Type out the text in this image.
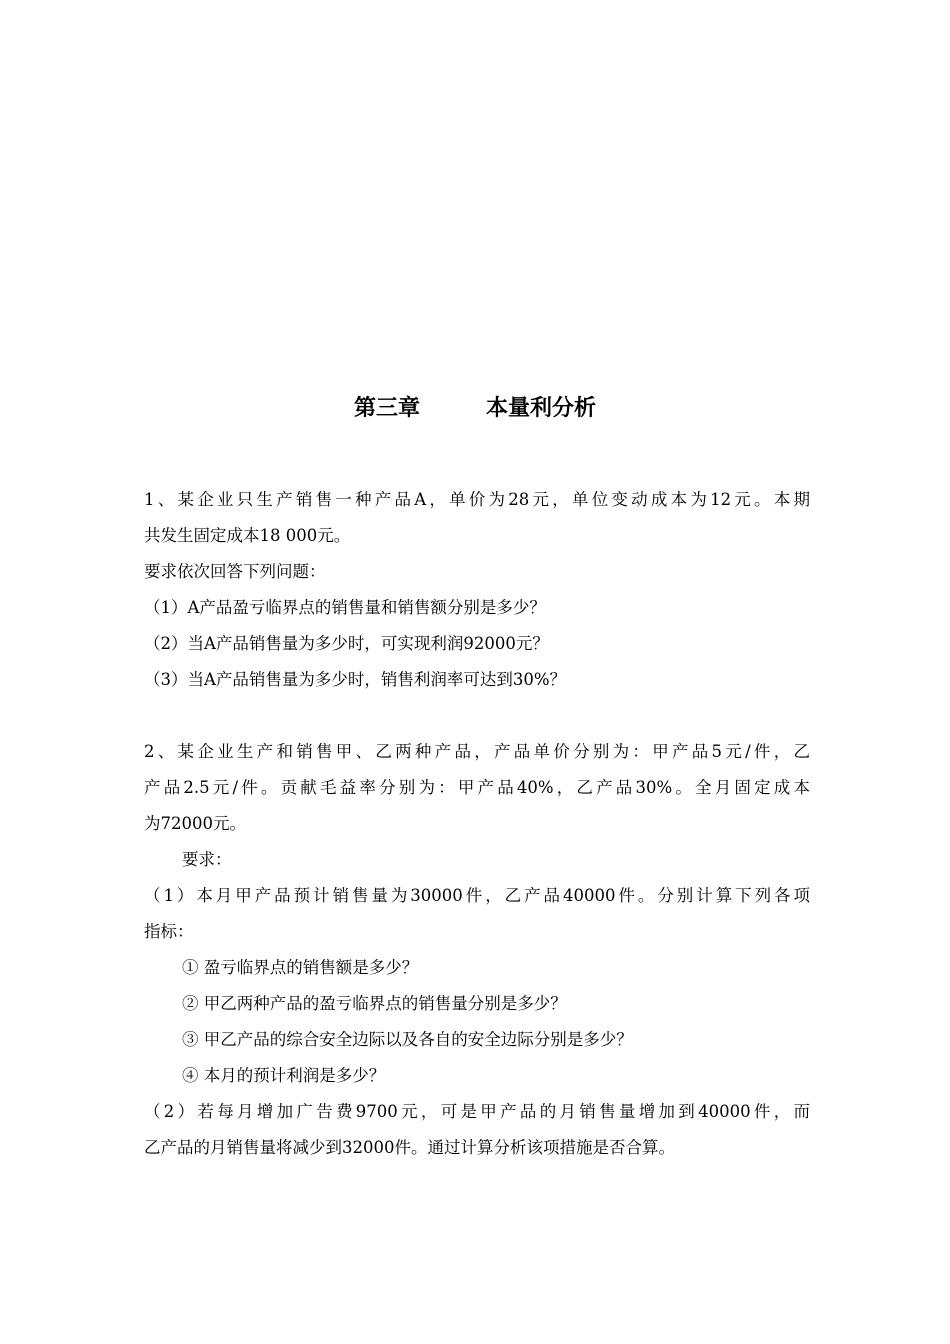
第三章	本量利分析
1、某企业只生产销售一种产品A，单价为28元，单位变动成本为12元。本期
共发生固定成本18 000元。
要求依次回答下列问题：
（1）A产品盈亏临界点的销售量和销售额分别是多少？
（2）当A产品销售量为多少时，可实现利润92000元？
（3）当A产品销售量为多少时，销售利润率可达到30%？
2、某企业生产和销售甲、乙两种产品，产品单价分别为：甲产品5元/件，乙
产品2.5元/件。贡献毛益率分别为：甲产品40%，乙产品30%。全月固定成本
为72000元。
要求：
（1）本月甲产品预计销售量为30000件，乙产品40000件。分别计算下列各项
指标：
① 盈亏临界点的销售额是多少？
② 甲乙两种产品的盈亏临界点的销售量分别是多少？
③ 甲乙产品的综合安全边际以及各自的安全边际分别是多少？
④ 本月的预计利润是多少？
（2）若每月增加广告费9700元，可是甲产品的月销售量增加到40000件，而
乙产品的月销售量将减少到32000件。通过计算分析该项措施是否合算。
